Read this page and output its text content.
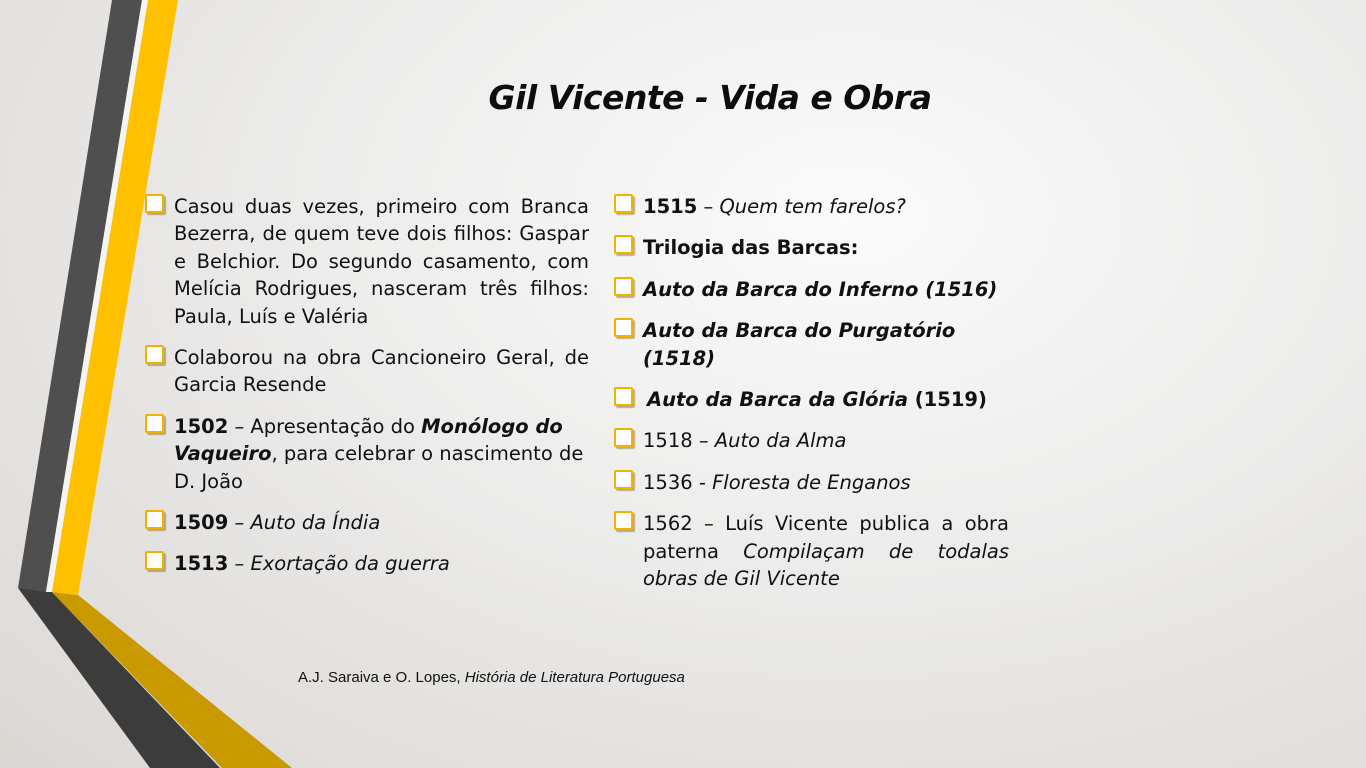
Gil Vicente - Vida e Obra
Casou duas vezes, primeiro com Branca Bezerra, de quem teve dois filhos: Gaspar e Belchior. Do segundo casamento, com Melícia Rodrigues, nasceram três filhos: Paula, Luís e Valéria
Colaborou na obra Cancioneiro Geral, de Garcia Resende
1502 – Apresentação do Monólogo do Vaqueiro, para celebrar o nascimento de D. João
1509 – Auto da Índia
1513 – Exortação da guerra
1515 – Quem tem farelos?
Trilogia das Barcas:
Auto da Barca do Inferno (1516)
Auto da Barca do Purgatório (1518)
Auto da Barca da Glória (1519)
1518 – Auto da Alma
1536 - Floresta de Enganos
1562 – Luís Vicente publica a obra paterna Compilaçam de todalas obras de Gil Vicente
A.J. Saraiva e O. Lopes, História de Literatura Portuguesa
